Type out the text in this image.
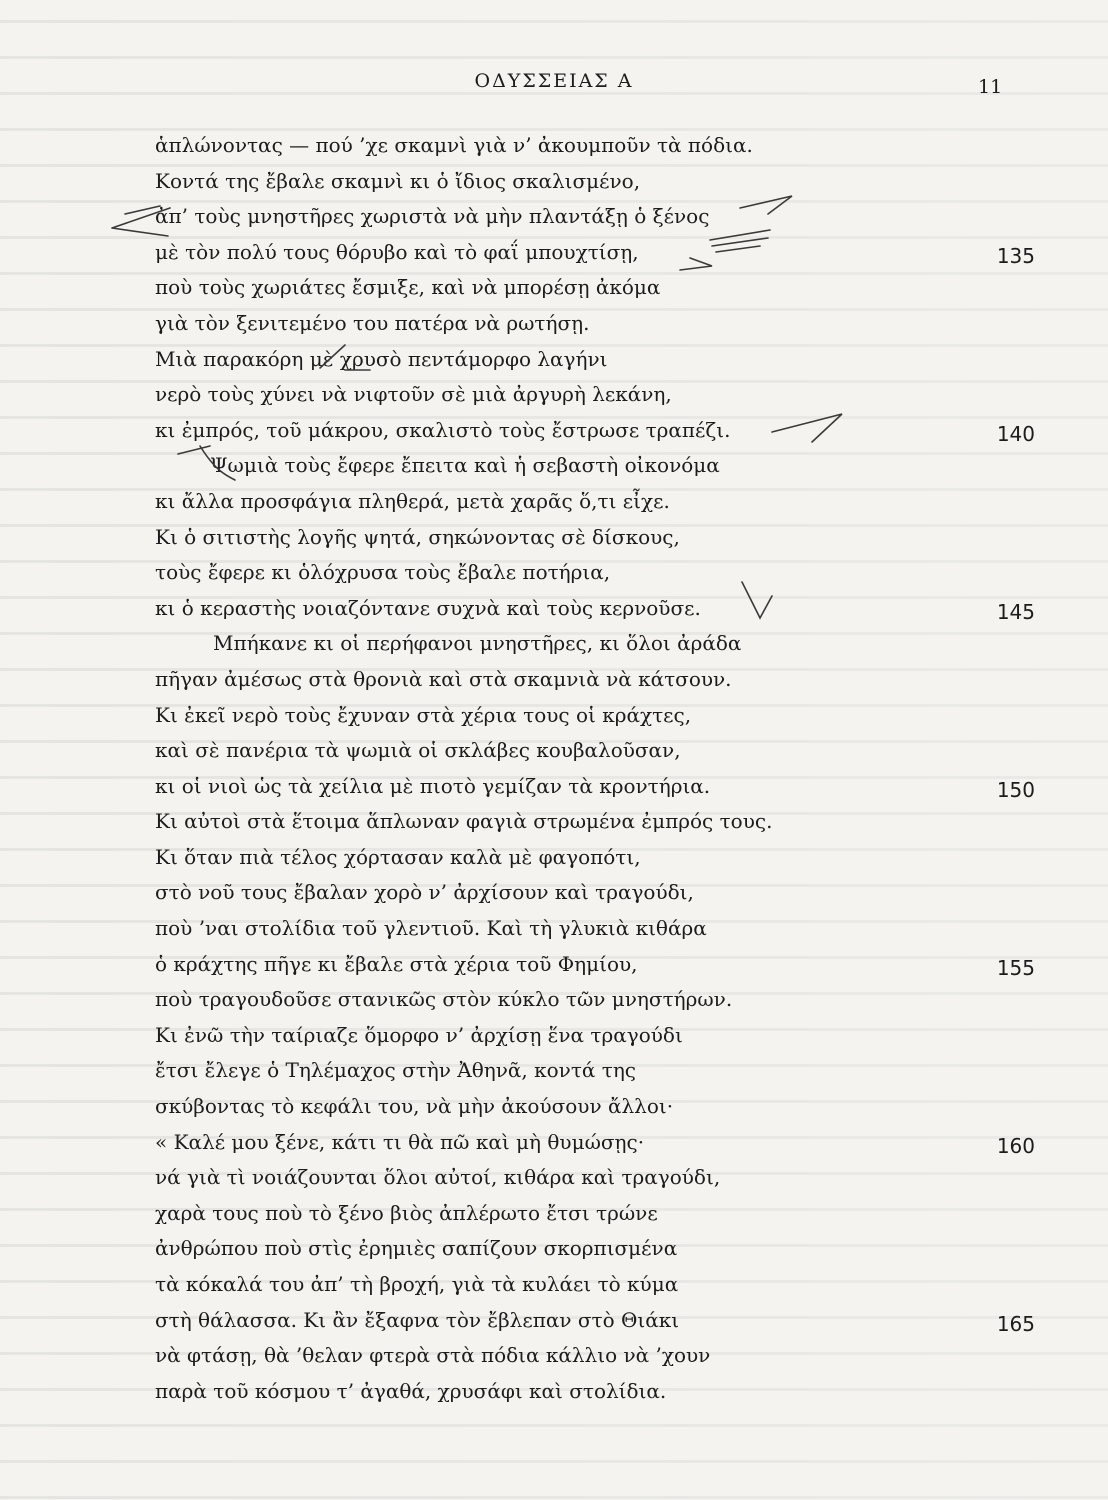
ΟΔΥΣΣΕΙΑΣ Α	11
ἁπλώνοντας — πού ’χε σκαμνὶ γιὰ ν’ ἀκουμποῦν τὰ πόδια.
Κοντά της ἔβαλε σκαμνὶ κι ὁ ἴδιος σκαλισμένο,
ἀπ’ τοὺς μνηστῆρες χωριστὰ νὰ μὴν πλαντάξῃ ὁ ξένος
μὲ τὸν πολύ τους θόρυβο καὶ τὸ φαΐ μπουχτίσῃ,	135
ποὺ τοὺς χωριάτες ἔσμιξε, καὶ νὰ μπορέσῃ ἀκόμα
γιὰ τὸν ξενιτεμένο του πατέρα νὰ ρωτήσῃ.
Μιὰ παρακόρη μὲ χρυσὸ πεντάμορφο λαγήνι
νερὸ τοὺς χύνει νὰ νιφτοῦν σὲ μιὰ ἀργυρὴ λεκάνη,
κι ἐμπρός, τοῦ μάκρου, σκαλιστὸ τοὺς ἔστρωσε τραπέζι.	140
Ψωμιὰ τοὺς ἔφερε ἔπειτα καὶ ἡ σεβαστὴ οἰκονόμα
κι ἄλλα προσφάγια πληθερά, μετὰ χαρᾶς ὅ,τι εἶχε.
Κι ὁ σιτιστὴς λογῆς ψητά, σηκώνοντας σὲ δίσκους,
τοὺς ἔφερε κι ὁλόχρυσα τοὺς ἔβαλε ποτήρια,
κι ὁ κεραστὴς νοιαζόντανε συχνὰ καὶ τοὺς κερνοῦσε.	145
Μπήκανε κι οἱ περήφανοι μνηστῆρες, κι ὅλοι ἀράδα
πῆγαν ἀμέσως στὰ θρονιὰ καὶ στὰ σκαμνιὰ νὰ κάτσουν.
Κι ἐκεῖ νερὸ τοὺς ἔχυναν στὰ χέρια τους οἱ κράχτες,
καὶ σὲ πανέρια τὰ ψωμιὰ οἱ σκλάβες κουβαλοῦσαν,
κι οἱ νιοὶ ὡς τὰ χείλια μὲ πιοτὸ γεμίζαν τὰ κροντήρια.	150
Κι αὐτοὶ στὰ ἕτοιμα ἅπλωναν φαγιὰ στρωμένα ἐμπρός τους.
Κι ὅταν πιὰ τέλος χόρτασαν καλὰ μὲ φαγοπότι,
στὸ νοῦ τους ἔβαλαν χορὸ ν’ ἀρχίσουν καὶ τραγούδι,
ποὺ ’ναι στολίδια τοῦ γλεντιοῦ. Καὶ τὴ γλυκιὰ κιθάρα
ὁ κράχτης πῆγε κι ἔβαλε στὰ χέρια τοῦ Φημίου,	155
ποὺ τραγουδοῦσε στανικῶς στὸν κύκλο τῶν μνηστήρων.
Κι ἐνῶ τὴν ταίριαζε ὅμορφο ν’ ἀρχίσῃ ἕνα τραγούδι
ἔτσι ἔλεγε ὁ Τηλέμαχος στὴν Ἀθηνᾶ, κοντά της
σκύβοντας τὸ κεφάλι του, νὰ μὴν ἀκούσουν ἄλλοι·
« Καλέ μου ξένε, κάτι τι θὰ πῶ καὶ μὴ θυμώσῃς·	160
νά γιὰ τὶ νοιάζουνται ὅλοι αὐτοί, κιθάρα καὶ τραγούδι,
χαρὰ τους ποὺ τὸ ξένο βιὸς ἀπλέρωτο ἔτσι τρώνε
ἀνθρώπου ποὺ στὶς ἐρημιὲς σαπίζουν σκορπισμένα
τὰ κόκαλά του ἀπ’ τὴ βροχή, γιὰ τὰ κυλάει τὸ κύμα
στὴ θάλασσα. Κι ἂν ἔξαφνα τὸν ἔβλεπαν στὸ Θιάκι	165
νὰ φτάσῃ, θὰ ’θελαν φτερὰ στὰ πόδια κάλλιο νὰ ’χουν
παρὰ τοῦ κόσμου τ’ ἀγαθά, χρυσάφι καὶ στολίδια.
